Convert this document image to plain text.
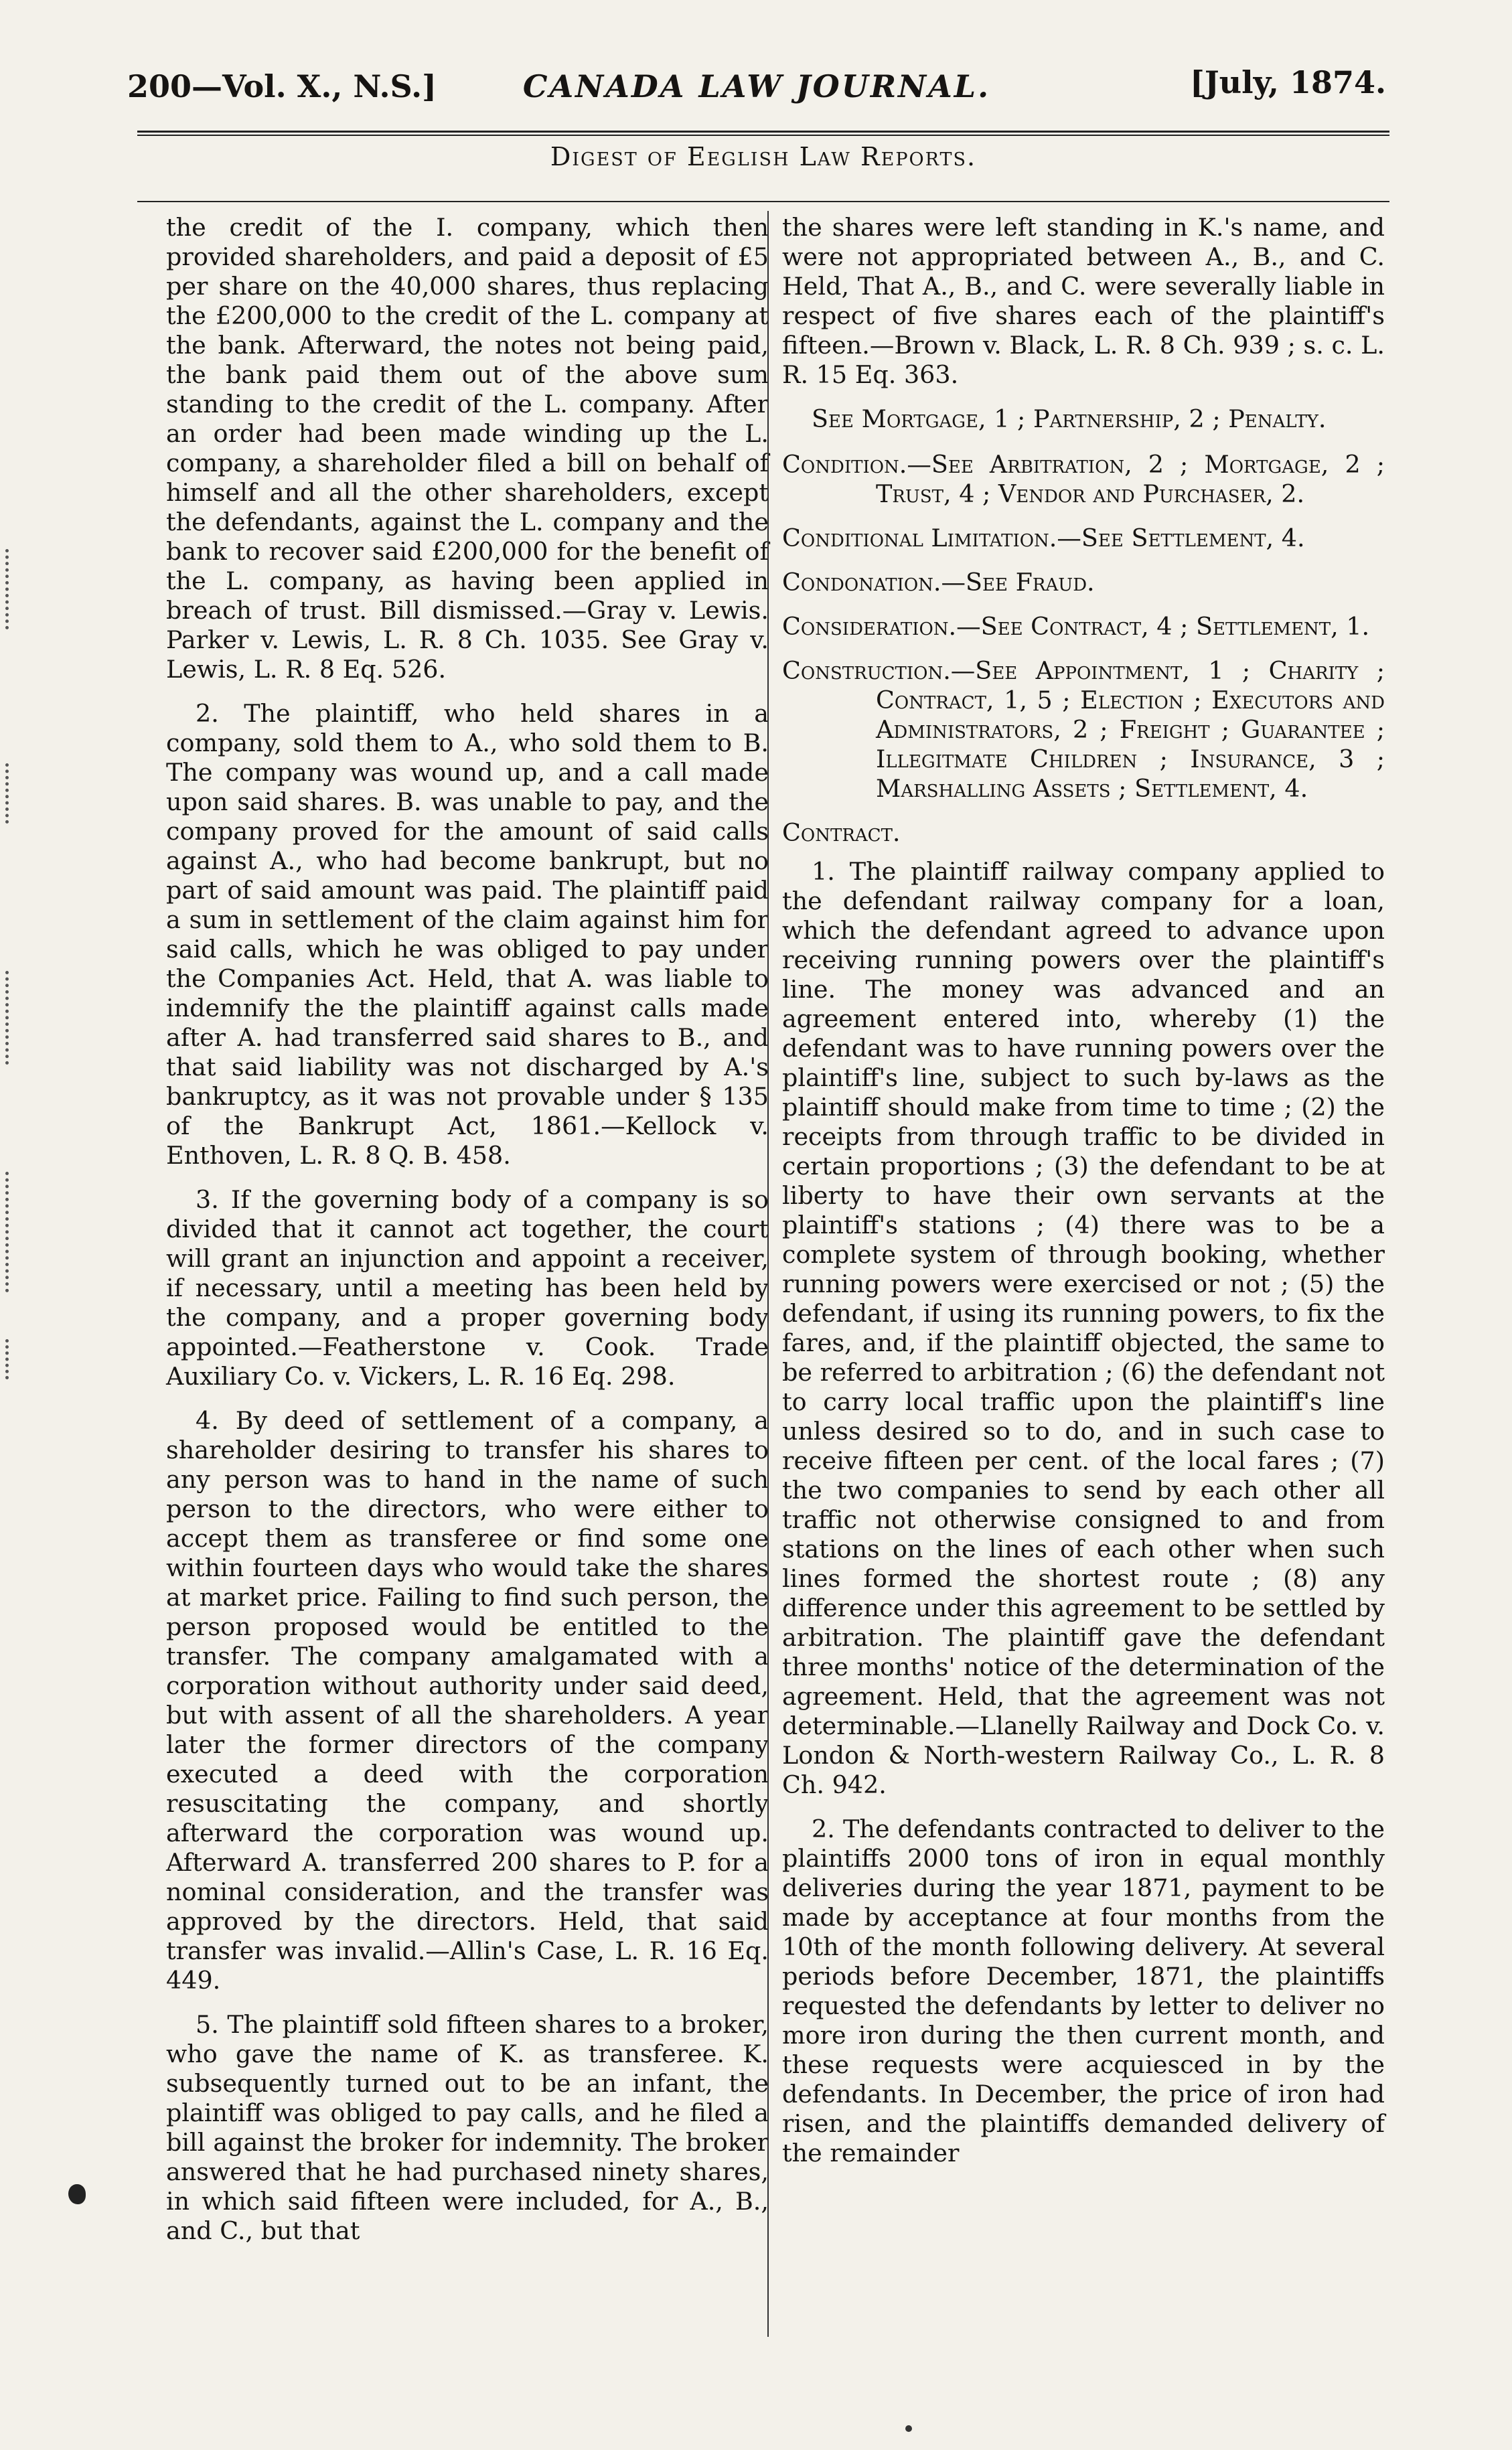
200—Vol. X., N.S.]	CANADA LAW JOURNAL.	[July, 1874.
Digest of Eeglish Law Reports.

the credit of the I. company, which then provided shareholders, and paid a deposit of £5 per share on the 40,000 shares, thus replacing the £200,000 to the credit of the L. company at the bank. Afterward, the notes not being paid, the bank paid them out of the above sum standing to the credit of the L. company. After an order had been made winding up the L. company, a shareholder filed a bill on behalf of himself and all the other shareholders, except the defendants, against the L. company and the bank to recover said £200,000 for the benefit of the L. company, as having been applied in breach of trust. Bill dismissed.—Gray v. Lewis. Parker v. Lewis, L. R. 8 Ch. 1035. See Gray v. Lewis, L. R. 8 Eq. 526.

2. The plaintiff, who held shares in a company, sold them to A., who sold them to B. The company was wound up, and a call made upon said shares. B. was unable to pay, and the company proved for the amount of said calls against A., who had become bankrupt, but no part of said amount was paid. The plaintiff paid a sum in settlement of the claim against him for said calls, which he was obliged to pay under the Companies Act. Held, that A. was liable to indemnify the the plaintiff against calls made after A. had transferred said shares to B., and that said liability was not discharged by A.'s bankruptcy, as it was not provable under § 135 of the Bankrupt Act, 1861.—Kellock v. Enthoven, L. R. 8 Q. B. 458.

3. If the governing body of a company is so divided that it cannot act together, the court will grant an injunction and appoint a receiver, if necessary, until a meeting has been held by the company, and a proper governing body appointed.—Featherstone v. Cook. Trade Auxiliary Co. v. Vickers, L. R. 16 Eq. 298.

4. By deed of settlement of a company, a shareholder desiring to transfer his shares to any person was to hand in the name of such person to the directors, who were either to accept them as transferee or find some one within fourteen days who would take the shares at market price. Failing to find such person, the person proposed would be entitled to the transfer. The company amalgamated with a corporation without authority under said deed, but with assent of all the shareholders. A year later the former directors of the company executed a deed with the corporation resuscitating the company, and shortly afterward the corporation was wound up. Afterward A. transferred 200 shares to P. for a nominal consideration, and the transfer was approved by the directors. Held, that said transfer was invalid.—Allin's Case, L. R. 16 Eq. 449.

5. The plaintiff sold fifteen shares to a broker, who gave the name of K. as transferee. K. subsequently turned out to be an infant, the plaintiff was obliged to pay calls, and he filed a bill against the broker for indemnity. The broker answered that he had purchased ninety shares, in which said fifteen were included, for A., B., and C., but that

the shares were left standing in K.'s name, and were not appropriated between A., B., and C. Held, That A., B., and C. were severally liable in respect of five shares each of the plaintiff's fifteen.—Brown v. Black, L. R. 8 Ch. 939 ; s. c. L. R. 15 Eq. 363.

See Mortgage, 1 ; Partnership, 2 ; Penalty.
Condition.—See Arbitration, 2 ; Mortgage, 2 ; Trust, 4 ; Vendor and Purchaser, 2.
Conditional Limitation.—See Settlement, 4.
Condonation.—See Fraud.
Consideration.—See Contract, 4 ; Settlement, 1.
Construction.—See Appointment, 1 ; Charity ; Contract, 1, 5 ; Election ; Executors and Administrators, 2 ; Freight ; Guarantee ; Illegitmate Children ; Insurance, 3 ; Marshalling Assets ; Settlement, 4.
Contract.

1. The plaintiff railway company applied to the defendant railway company for a loan, which the defendant agreed to advance upon receiving running powers over the plaintiff's line. The money was advanced and an agreement entered into, whereby (1) the defendant was to have running powers over the plaintiff's line, subject to such by-laws as the plaintiff should make from time to time ; (2) the receipts from through traffic to be divided in certain proportions ; (3) the defendant to be at liberty to have their own servants at the plaintiff's stations ; (4) there was to be a complete system of through booking, whether running powers were exercised or not ; (5) the defendant, if using its running powers, to fix the fares, and, if the plaintiff objected, the same to be referred to arbitration ; (6) the defendant not to carry local traffic upon the plaintiff's line unless desired so to do, and in such case to receive fifteen per cent. of the local fares ; (7) the two companies to send by each other all traffic not otherwise consigned to and from stations on the lines of each other when such lines formed the shortest route ; (8) any difference under this agreement to be settled by arbitration. The plaintiff gave the defendant three months' notice of the determination of the agreement. Held, that the agreement was not determinable.—Llanelly Railway and Dock Co. v. London & North-western Railway Co., L. R. 8 Ch. 942.

2. The defendants contracted to deliver to the plaintiffs 2000 tons of iron in equal monthly deliveries during the year 1871, payment to be made by acceptance at four months from the 10th of the month following delivery. At several periods before December, 1871, the plaintiffs requested the defendants by letter to deliver no more iron during the then current month, and these requests were acquiesced in by the defendants. In December, the price of iron had risen, and the plaintiffs demanded delivery of the remainder
